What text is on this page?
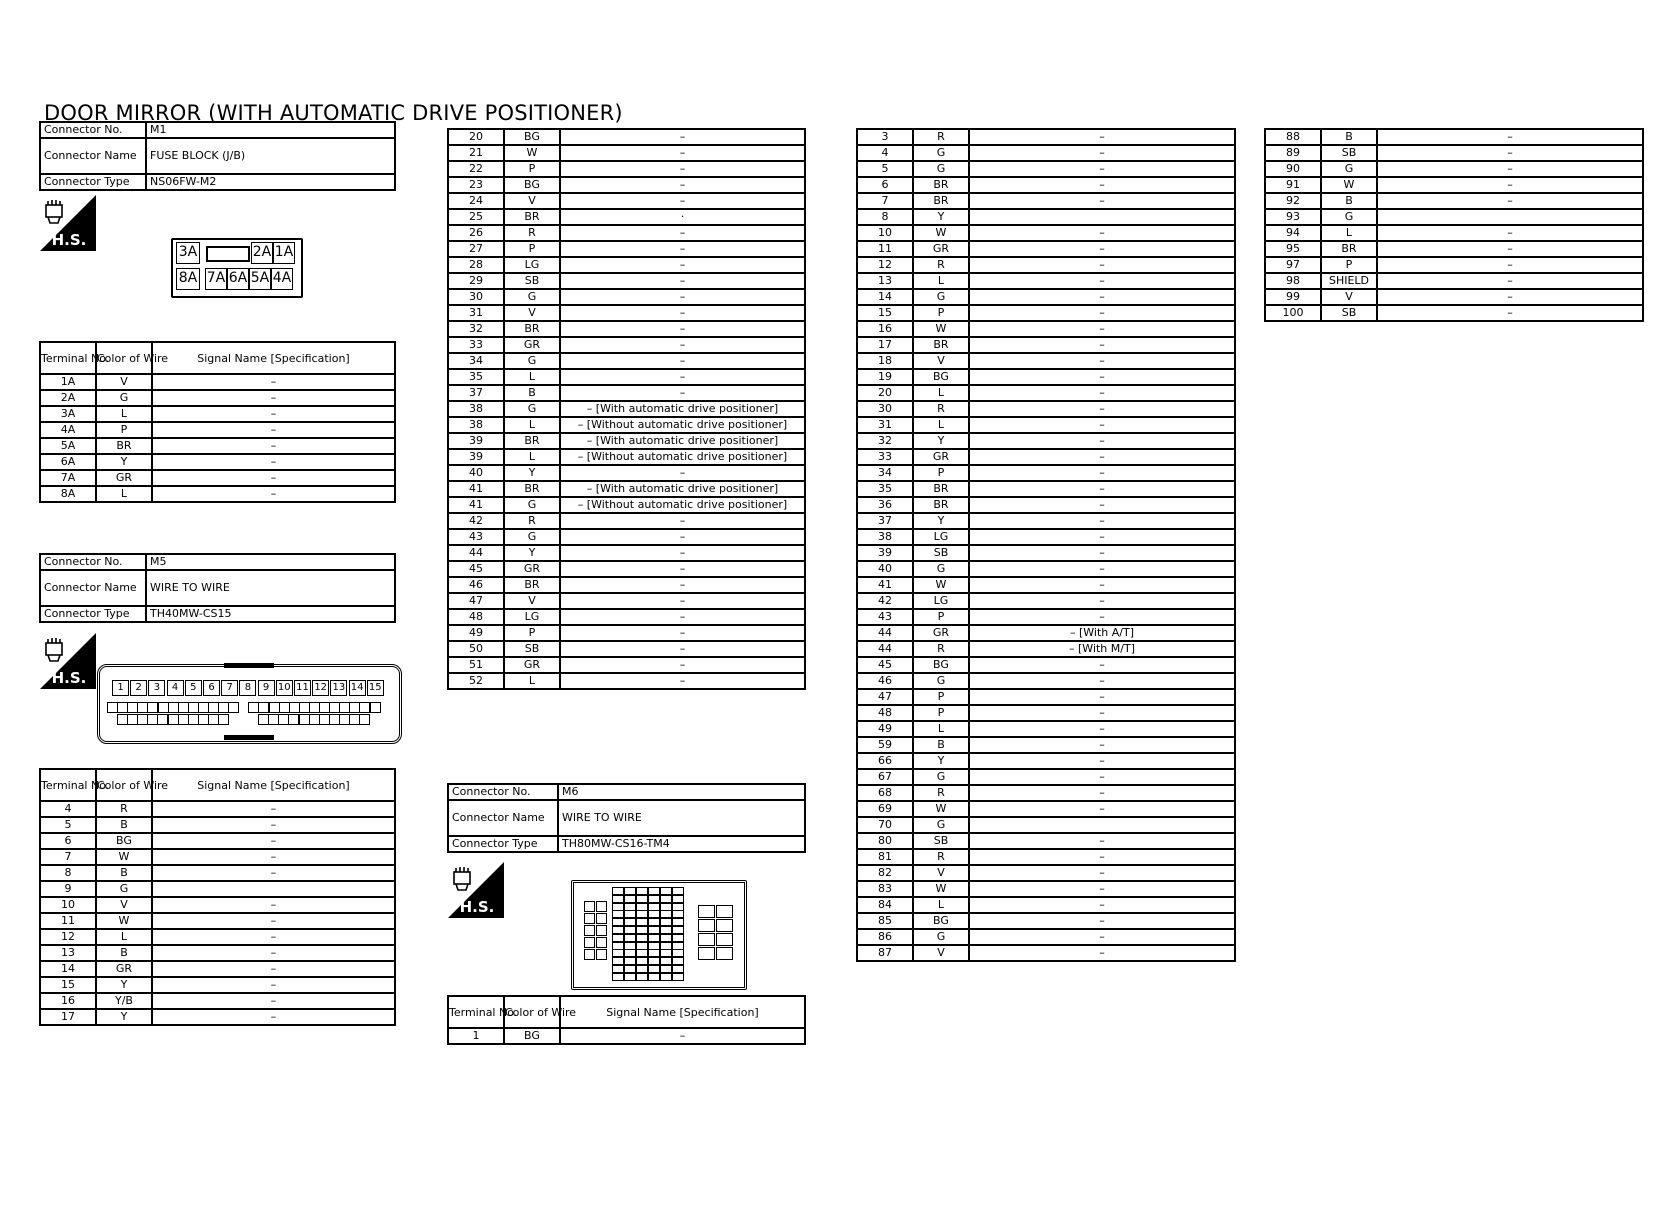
DOOR MIRROR (WITH AUTOMATIC DRIVE POSITIONER)
Connector No.	M1
Connector Name	FUSE BLOCK (J/B)
Connector Type	NS06FW-M2
H.S.
3A	2A 1A
8A 7A 6A 5A 4A
Terminal No.	Color of Wire	Signal Name [Specification]
1A	V	–
2A	G	–
3A	L	–
4A	P	–
5A	BR	–
6A	Y	–
7A	GR	–
8A	L	–
Connector No.	M5
Connector Name	WIRE TO WIRE
Connector Type	TH40MW-CS15
H.S.
1	2	3	4	5	6	7	8	9 10 11 12 13 14 15
Terminal No.	Color of Wire	Signal Name [Specification]
4	R	–
5	B	–
6	BG	–
7	W	–
8	B	–
9	G	
10	V	–
11	W	–
12	L	–
13	B	–
14	GR	–
15	Y	–
16	Y/B	–
17	Y	–
20	BG	–
21	W	–
22	P	–
23	BG	–
24	V	–
25	BR	·
26	R	–
27	P	–
28	LG	–
29	SB	–
30	G	–
31	V	–
32	BR	–
33	GR	–
34	G	–
35	L	–
37	B	–
38	G	– [With automatic drive positioner]
38	L	– [Without automatic drive positioner]
39	BR	– [With automatic drive positioner]
39	L	– [Without automatic drive positioner]
40	Y	–
41	BR	– [With automatic drive positioner]
41	G	– [Without automatic drive positioner]
42	R	–
43	G	–
44	Y	–
45	GR	–
46	BR	–
47	V	–
48	LG	–
49	P	–
50	SB	–
51	GR	–
52	L	–
Connector No.	M6
Connector Name	WIRE TO WIRE
Connector Type	TH80MW-CS16-TM4
H.S.
Terminal No.	Color of Wire	Signal Name [Specification]
1	BG	–
3	R	–
4	G	–
5	G	–
6	BR	–
7	BR	–
8	Y	
10	W	–
11	GR	–
12	R	–
13	L	–
14	G	–
15	P	–
16	W	–
17	BR	–
18	V	–
19	BG	–
20	L	–
30	R	–
31	L	–
32	Y	–
33	GR	–
34	P	–
35	BR	–
36	BR	–
37	Y	–
38	LG	–
39	SB	–
40	G	–
41	W	–
42	LG	–
43	P	–
44	GR	– [With A/T]
44	R	– [With M/T]
45	BG	–
46	G	–
47	P	–
48	P	–
49	L	–
59	B	–
66	Y	–
67	G	–
68	R	–
69	W	–
70	G	
80	SB	–
81	R	–
82	V	–
83	W	–
84	L	–
85	BG	–
86	G	–
87	V	–
88	B	–
89	SB	–
90	G	–
91	W	–
92	B	–
93	G	
94	L	–
95	BR	–
97	P	–
98	SHIELD	–
99	V	–
100	SB	–
